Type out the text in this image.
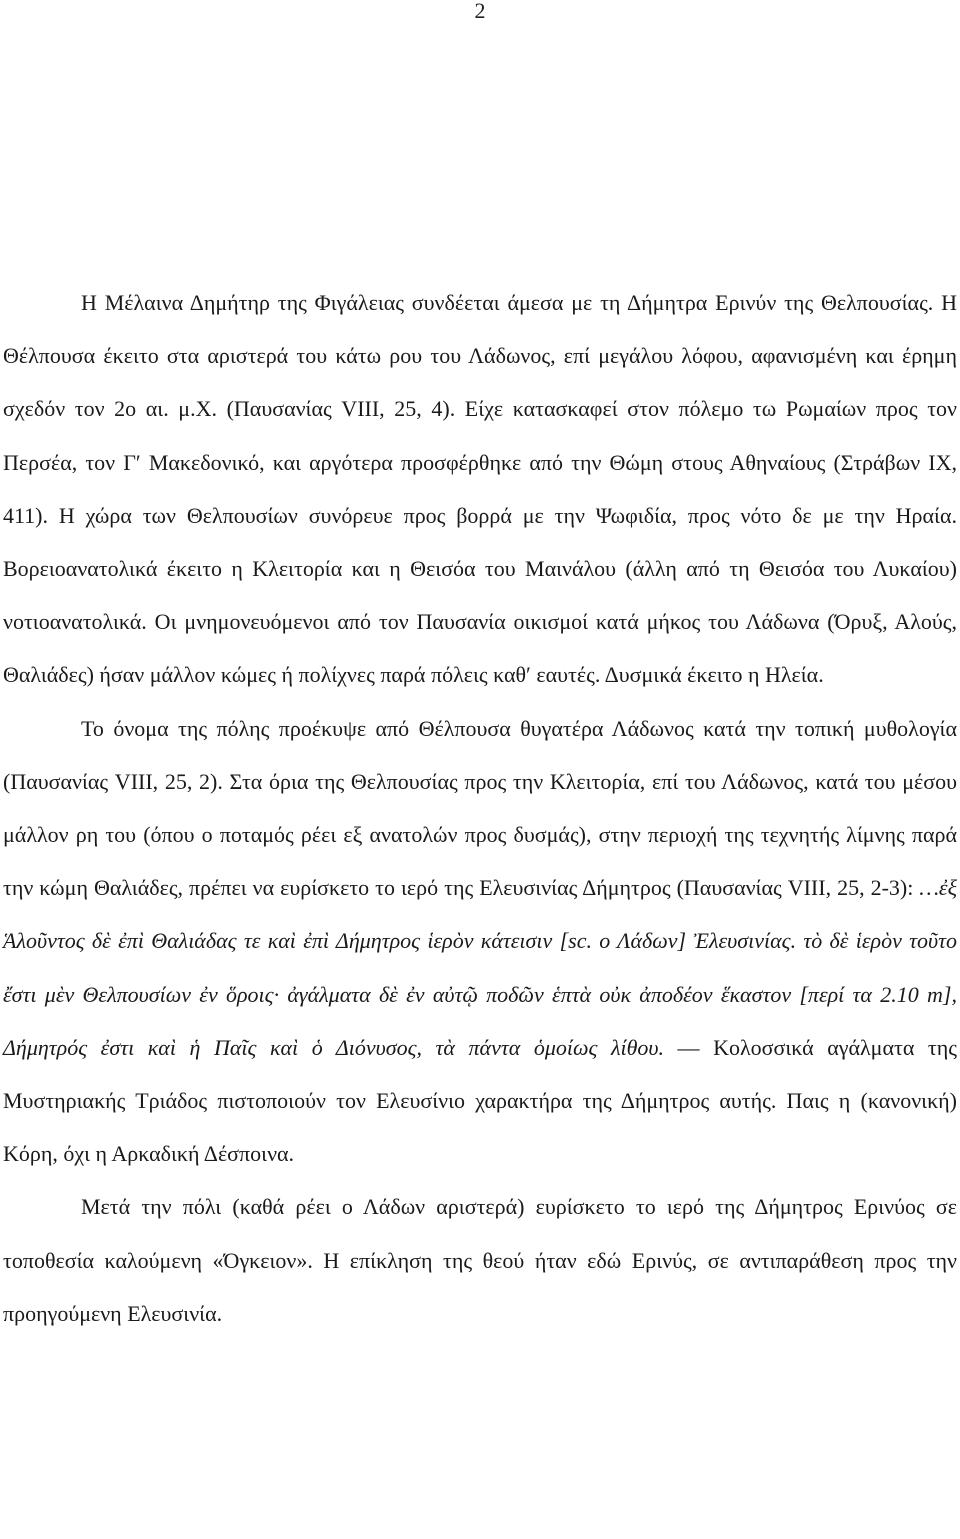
2

Η Μέλαινα Δημήτηρ της Φιγάλειας συνδέεται άμεσα με τη Δήμητρα Ερινύν της Θελπουσίας. Η Θέλπουσα έκειτο στα αριστερά του κάτω ρου του Λάδωνος, επί μεγάλου λόφου, αφανισμένη και έρημη σχεδόν τον 2ο αι. μ.Χ. (Παυσανίας VIII, 25, 4). Είχε κατασκαφεί στον πόλεμο τω Ρωμαίων προς τον Περσέα, τον Γ′ Μακεδονικό, και αργότερα προσφέρθηκε από την Θώμη στους Αθηναίους (Στράβων IX, 411). Η χώρα των Θελπουσίων συνόρευε προς βορρά με την Ψωφιδία, προς νότο δε με την Ηραία. Βορειοανατολικά έκειτο η Κλειτορία και η Θεισόα του Μαινάλου (άλλη από τη Θεισόα του Λυκαίου) νοτιοανατολικά. Οι μνημονευόμενοι από τον Παυσανία οικισμοί κατά μήκος του Λάδωνα (Όρυξ, Αλούς, Θαλιάδες) ήσαν μάλλον κώμες ή πολίχνες παρά πόλεις καθ′ εαυτές. Δυσμικά έκειτο η Ηλεία.

Το όνομα της πόλης προέκυψε από Θέλπουσα θυγατέρα Λάδωνος κατά την τοπική μυθολογία (Παυσανίας VIII, 25, 2). Στα όρια της Θελπουσίας προς την Κλειτορία, επί του Λάδωνος, κατά του μέσου μάλλον ρη του (όπου ο ποταμός ρέει εξ ανατολών προς δυσμάς), στην περιοχή της τεχνητής λίμνης παρά την κώμη Θαλιάδες, πρέπει να ευρίσκετο το ιερό της Ελευσινίας Δήμητρος (Παυσανίας VIII, 25, 2-3): …ἐξ Ἁλοῦντος δὲ ἐπὶ Θαλιάδας τε καὶ ἐπὶ Δήμητρος ἱερὸν κάτεισιν [sc. ο Λάδων] Ἐλευσινίας. τὸ δὲ ἱερὸν τοῦτο ἔστι μὲν Θελπουσίων ἐν ὅροις· ἀγάλματα δὲ ἐν αὐτῷ ποδῶν ἑπτὰ οὐκ ἀποδέον ἕκαστον [περί τα 2.10 m], Δήμητρός ἐστι καὶ ἡ Παῖς καὶ ὁ Διόνυσος, τὰ πάντα ὁμοίως λίθου. — Κολοσσικά αγάλματα της Μυστηριακής Τριάδος πιστοποιούν τον Ελευσίνιο χαρακτήρα της Δήμητρος αυτής. Παις η (κανονική) Κόρη, όχι η Αρκαδική Δέσποινα.

Μετά την πόλι (καθά ρέει ο Λάδων αριστερά) ευρίσκετο το ιερό της Δήμητρος Ερινύος σε τοποθεσία καλούμενη «Όγκειον». Η επίκληση της θεού ήταν εδώ Ερινύς, σε αντιπαράθεση προς την προηγούμενη Ελευσινία.
